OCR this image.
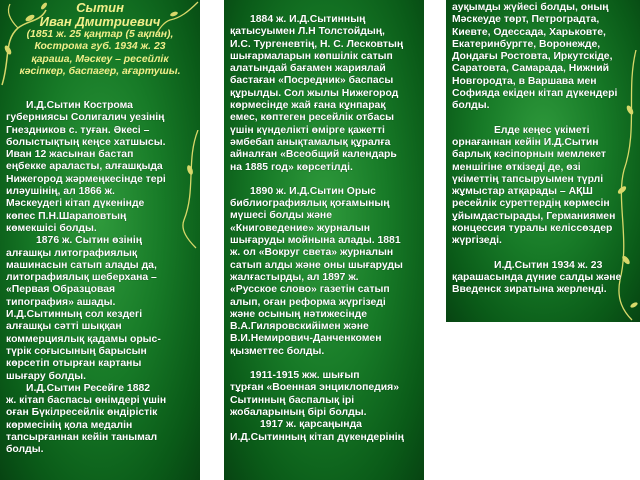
Сытин
Иван Дмитриевич
(1851 ж. 25 қаңтар (5 ақпан),
Кострома губ. 1934 ж. 23
қараша, Мәскеу – ресейлік
кәсіпкер, баспагер, ағартушы.

И.Д.Сытин Кострома
губерниясы Солигалич уезінің
Гнездников с. туған. Әкесі –
болыстықтың кеңсе хатшысы.
Иван 12 жасынан бастап
еңбекке араласты, алғашқыда
Нижегород жәрмеңкесінде тері
иләушінің, ал 1866 ж.
Мәскеудегі кітап дүкенінде
көпес П.Н.Шараповтың
көмекшісі болды.

1876 ж. Сытин өзінің
алғашқы литографиялық
машинасын сатып алады да,
литографиялық шеберхана –
«Первая Образцовая
типография» ашады.
И.Д.Сытинның сол кездегі
алғашқы сәтті шыққан
коммерциялық қадамы орыс-
түрік соғысының барысын
көрсетіп отырған картаны
шығару болды.

И.Д.Сытин Ресейге 1882
ж. кітап баспасы өнімдері үшін
оған Бүкілресейлік өндірістік
көрмесінің қола медалін
тапсырғаннан кейін танымал
болды.

1884 ж. И.Д.Сытинның
қатысуымен Л.Н Толстойдың,
И.С. Тургеневтің, Н. С. Лесковтың
шығармаларын көпшілік сатып
алатындай бағамен жариялай
бастаған «Посредник» баспасы
құрылды. Сол жылы Нижегород
көрмесінде жай ғана кұнпарақ
емес, көптеген ресейлік отбасы
үшін күнделікті өмірге қажетті
әмбебап анықтамалық құралға
айналған «Всеобщий календарь
на 1885 год» көрсетілді.

1890 ж. И.Д.Сытин Орыс
библиографиялық қоғамының
мүшесі болды және
«Книговедение» журналын
шығаруды мойнына алады. 1881
ж. ол «Вокруг света» журналын
сатып алды және оны шығаруды
жалғастырды, ал 1897 ж.
«Русское слово» газетін сатып
алып, оған реформа жүргізеді
және осының нәтижесінде
В.А.Гиляровскийімен және
В.И.Немирович-Данченкомен
қызметтес болды.

1911-1915 жж. шығып
тұрған «Военная энциклопедия»
Сытинның баспалық ірі
жобаларының бірі болды.

1917 ж. қарсаңында
И.Д.Сытинның кітап дүкендерінің

ауқымды жүйесі болды, оның
Мәскеуде төрт, Петроградта,
Киевте, Одессада, Харьковте,
Екатеринбургте, Воронежде,
Дондағы Ростовта, Иркутскіде,
Саратовта, Самарада, Нижний
Новгородта, в Варшава мен
Софияда екіден кітап дүкендері
болды.

Елде кеңес үкіметі
орнағаннан кейін И.Д.Сытин
барлық кәсіпорнын мемлекет
меншігіне өткізеді де, өзі
үкіметтің тапсыруымен түрлі
жұмыстар атқарады – АҚШ
ресейлік суреттердің көрмесін
ұйымдастырады, Германиямен
концессия туралы келіссөздер
жүргізеді.

И.Д.Сытин 1934 ж. 23
қарашасында дүние салды және
Введенск зиратына жерленді.
